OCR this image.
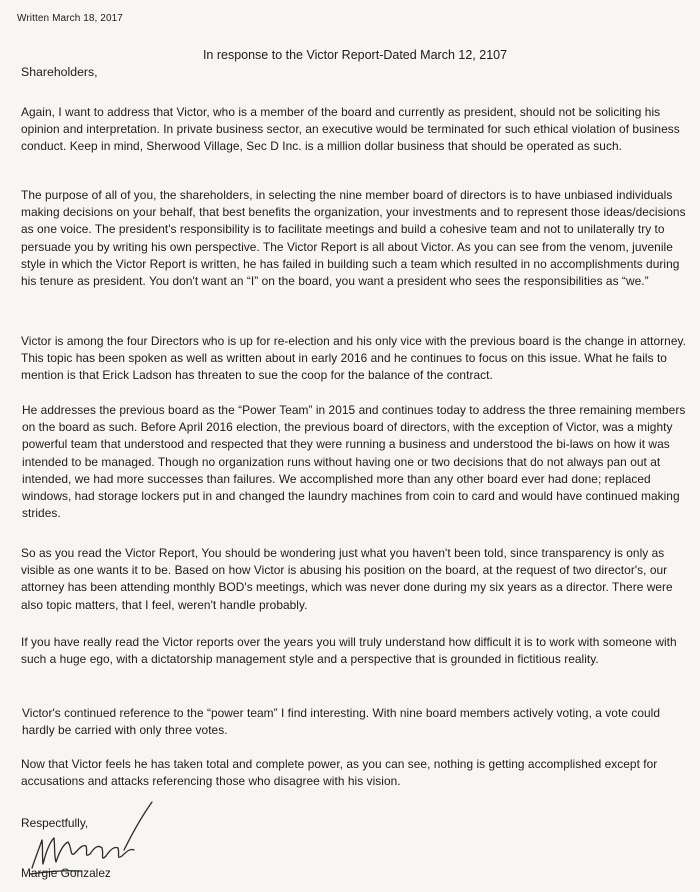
Written March 18, 2017
In response to the Victor Report-Dated March 12, 2107
Shareholders,

Again, I want to address that Victor, who is a member of the board and currently as president, should not be soliciting his opinion and interpretation. In private business sector, an executive would be terminated for such ethical violation of business conduct. Keep in mind, Sherwood Village, Sec D Inc. is a million dollar business that should be operated as such.

The purpose of all of you, the shareholders, in selecting the nine member board of directors is to have unbiased individuals making decisions on your behalf, that best benefits the organization, your investments and to represent those ideas/decisions as one voice. The president's responsibility is to facilitate meetings and build a cohesive team and not to unilaterally try to persuade you by writing his own perspective. The Victor Report is all about Victor. As you can see from the venom, juvenile style in which the Victor Report is written, he has failed in building such a team which resulted in no accomplishments during his tenure as president. You don't want an “I” on the board, you want a president who sees the responsibilities as “we.”

Victor is among the four Directors who is up for re-election and his only vice with the previous board is the change in attorney. This topic has been spoken as well as written about in early 2016 and he continues to focus on this issue. What he fails to mention is that Erick Ladson has threaten to sue the coop for the balance of the contract.

He addresses the previous board as the “Power Team” in 2015 and continues today to address the three remaining members on the board as such. Before April 2016 election, the previous board of directors, with the exception of Victor, was a mighty powerful team that understood and respected that they were running a business and understood the bi-laws on how it was intended to be managed. Though no organization runs without having one or two decisions that do not always pan out at intended, we had more successes than failures. We accomplished more than any other board ever had done; replaced windows, had storage lockers put in and changed the laundry machines from coin to card and would have continued making strides.

So as you read the Victor Report, You should be wondering just what you haven't been told, since transparency is only as visible as one wants it to be. Based on how Victor is abusing his position on the board, at the request of two director's, our attorney has been attending monthly BOD's meetings, which was never done during my six years as a director. There were also topic matters, that I feel, weren't handle probably.

If you have really read the Victor reports over the years you will truly understand how difficult it is to work with someone with such a huge ego, with a dictatorship management style and a perspective that is grounded in fictitious reality.

Victor's continued reference to the “power team” I find interesting. With nine board members actively voting, a vote could hardly be carried with only three votes.

Now that Victor feels he has taken total and complete power, as you can see, nothing is getting accomplished except for accusations and attacks referencing those who disagree with his vision.

Respectfully,
Margie Gonzalez
